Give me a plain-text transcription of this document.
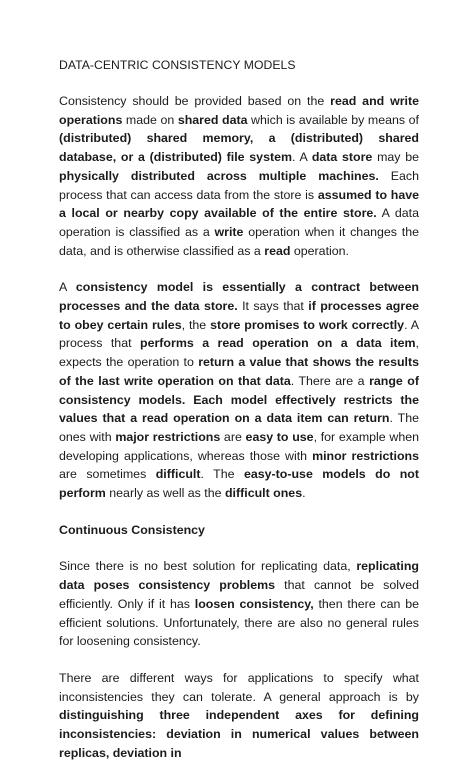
DATA-CENTRIC CONSISTENCY MODELS

Consistency should be provided based on the read and write operations made on shared data which is available by means of (distributed) shared memory, a (distributed) shared database, or a (distributed) file system. A data store may be physically distributed across multiple machines. Each process that can access data from the store is assumed to have a local or nearby copy available of the entire store. A data operation is classified as a write operation when it changes the data, and is otherwise classified as a read operation.

A consistency model is essentially a contract between processes and the data store. It says that if processes agree to obey certain rules, the store promises to work correctly. A process that performs a read operation on a data item, expects the operation to return a value that shows the results of the last write operation on that data. There are a range of consistency models. Each model effectively restricts the values that a read operation on a data item can return. The ones with major restrictions are easy to use, for example when developing applications, whereas those with minor restrictions are sometimes difficult. The easy-to-use models do not perform nearly as well as the difficult ones.

Continuous Consistency

Since there is no best solution for replicating data, replicating data poses consistency problems that cannot be solved efficiently. Only if it has loosen consistency, then there can be efficient solutions. Unfortunately, there are also no general rules for loosening consistency.

There are different ways for applications to specify what inconsistencies they can tolerate. A general approach is by distinguishing three independent axes for defining inconsistencies: deviation in numerical values between replicas, deviation in
